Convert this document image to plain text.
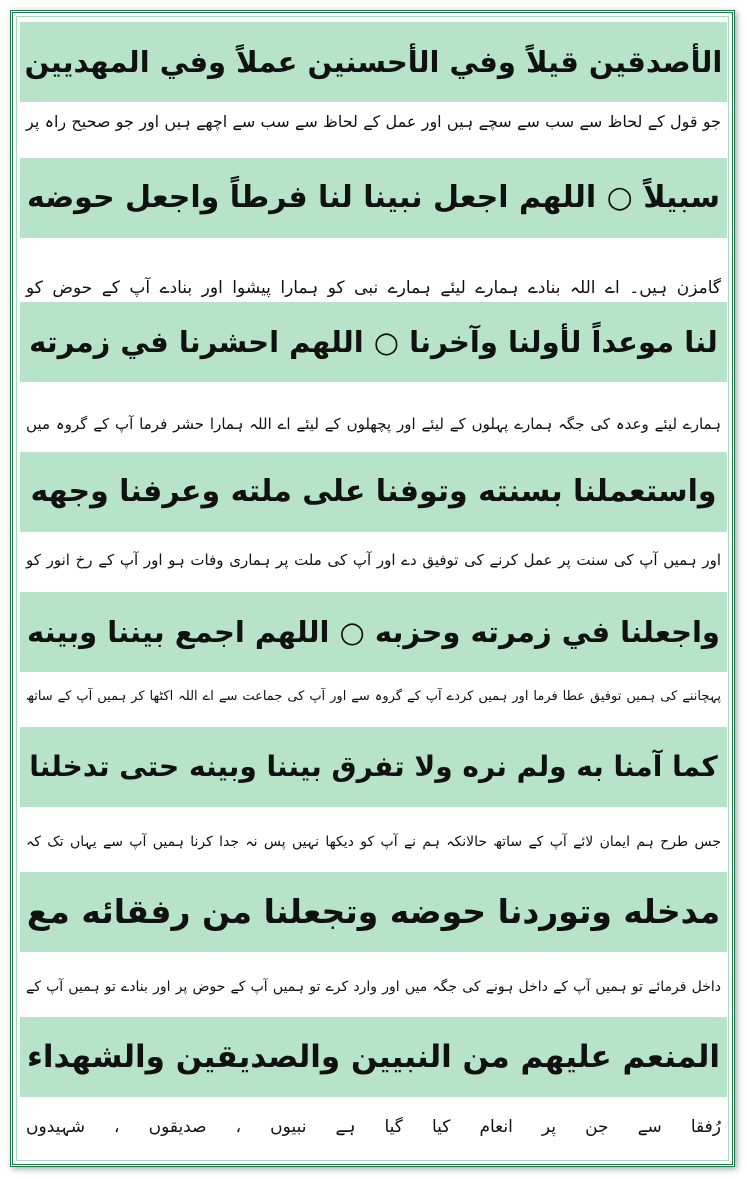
الأصدقين قيلاً وفي الأحسنين عملاً وفي المهديين
جو قول کے لحاظ سے سب سے سچے ہیں اور عمل کے لحاظ سے سب سے اچھے ہیں اور جو صحیح راہ پر
سبيلاً ○ اللهم اجعل نبينا لنا فرطاً واجعل حوضه
گامزن ہیں۔ اے اللہ بنادے ہمارے لیئے ہمارے نبی کو ہمارا پیشوا اور بنادے آپ کے حوض کو
لنا موعداً لأولنا وآخرنا ○ اللهم احشرنا في زمرته
ہمارے لیئے وعدہ کی جگہ ہمارے پہلوں کے لیئے اور پچھلوں کے لیئے اے اللہ ہمارا حشر فرما آپ کے گروہ میں
واستعملنا بسنته وتوفنا على ملته وعرفنا وجهه
اور ہمیں آپ کی سنت پر عمل کرنے کی توفیق دے اور آپ کی ملت پر ہماری وفات ہو اور آپ کے رخ انور کو
واجعلنا في زمرته وحزبه ○ اللهم اجمع بيننا وبينه
پہچاننے کی ہمیں توفیق عطا فرما اور ہمیں کردے آپ کے گروہ سے اور آپ کی جماعت سے اے اللہ اکٹھا کر ہمیں آپ کے ساتھ
كما آمنا به ولم نره ولا تفرق بيننا وبينه حتى تدخلنا
جس طرح ہم ایمان لائے آپ کے ساتھ حالانکہ ہم نے آپ کو دیکھا نہیں پس نہ جدا کرنا ہمیں آپ سے یہاں تک کہ
مدخله وتوردنا حوضه وتجعلنا من رفقائه مع
داخل فرمائے تو ہمیں آپ کے داخل ہونے کی جگہ میں اور وارد کرے تو ہمیں آپ کے حوض پر اور بنادے تو ہمیں آپ کے
المنعم عليهم من النبيين والصديقين والشهداء
رُفقا سے جن پر انعام کیا گیا ہے نبیوں ، صدیقوں ، شہیدوں
